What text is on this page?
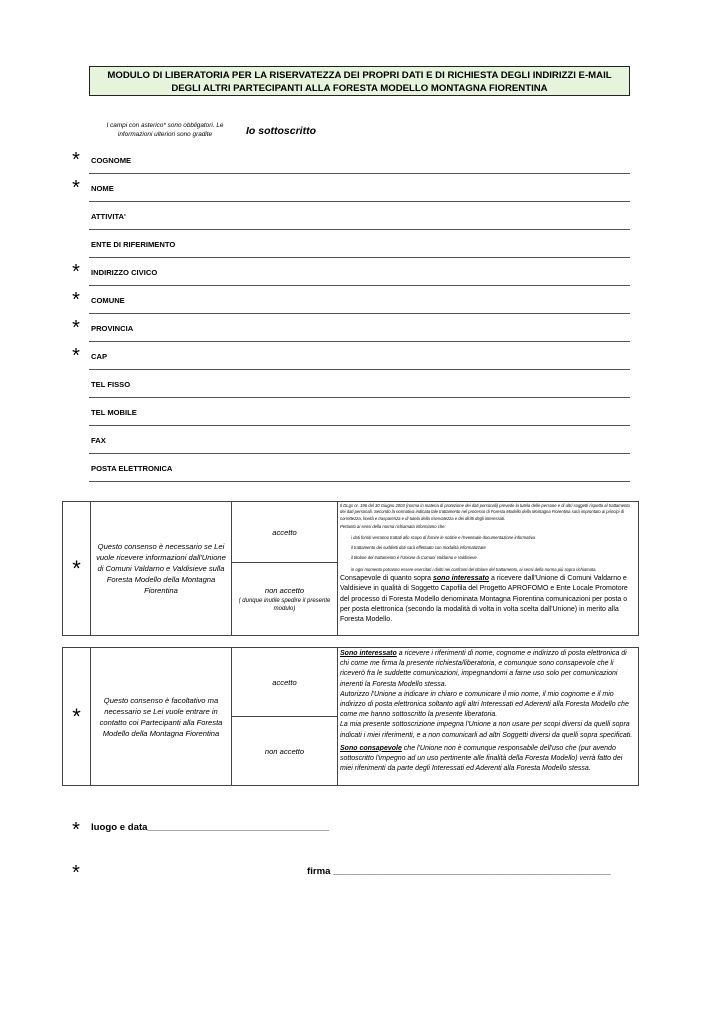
MODULO DI LIBERATORIA PER LA RISERVATEZZA DEI PROPRI DATI E DI RICHIESTA DEGLI INDIRIZZI E-MAIL
DEGLI ALTRI PARTECIPANTI ALLA FORESTA MODELLO MONTAGNA FIORENTINA
I campi con asterico* sono obbligatori. Le informazioni ulteriori sono gradite	Io sottoscritto
*	COGNOME
*	NOME
ATTIVITA'
ENTE DI RIFERIMENTO
*	INDIRIZZO CIVICO
*	COMUNE
*	PROVINCIA
*	CAP
TEL FISSO
TEL MOBILE
FAX
POSTA ELETTRONICA
*	Questo consenso è necessario se Lei vuole ricevere informazioni dall'Unione di Comuni Valdarno e Valdisieve sulla Foresta Modello della Montagna Fiorentina	accetto	
Il DLgs nr. 196 del 30 Giugno 2003 (norma in materia di protezione dei dati personali) prevede la tutela delle persone e di altri soggetti rispetto al trattamento dei dati personali. Secondo la normativa indicata tale trattamento nel processo di Foresta Modello della Montagna Fiorentina sarà improntato ai principi di correttezza, liceità e trasparenza e di tutela della riservatezza e dei diritti degli interessati.
Pertanto ai sensi della norma richiamata informiamo che:
i dati forniti verranno trattati allo scopo di fornire le notizie e l'eventuale documentazione informativa
il trattamento dei suddetti dati sarà effettuato con modalità informatizzate
il titolare del trattamento è l'Unione di Comuni Valdarno e Valdisieve
in ogni momento potranno essere esercitati i diritti nei confronti del titolare del trattamento, ai sensi della norma più sopra richiamata.
Consapevole di quanto sopra sono interessato a ricevere dall'Unione di Comuni Valdarno e Valdisieve in qualità di Soggetto Capofila del Progetto APROFOMO e Ente Locale Promotore del processo di Foresta Modello denominata Montagna Fiorentina comunicazioni per posta o per posta elettronica (secondo la modalità di volta in volta scelta dall'Unione) in merito alla Foresta Modello.

non accetto
( dunque inutile spedire il presente modulo)
*	Questo consenso è facoltativo ma necessario se Lei vuole entrare in contatto coi Partecipanti alla Foresta Modello della Montagna Fiorentina	accetto	
Sono interessato a ricevere i riferimenti di nome, cognome e indirizzo di posta elettronica di chi come me firma la presente richiesta/liberatoria, e comunque sono consapevole che li riceverò fra le suddette comunicazioni, impegnandomi a farne uso solo per comunicazioni inerenti la Foresta Modello stessa.
Autorizzo l'Unione a indicare in chiaro e comunicare il mio nome, il mio cognome e il mio indirizzo di posta elettronica soltanto agli altri Interessati ed Aderenti alla Foresta Modello che come me hanno sottoscritto la presente liberatoria.
La mia presente sottoscrizione impegna l'Unione a non usare per scopi diversi da quelli sopra indicati i miei riferimenti, e a non comunicarli ad altri Soggetti diversi da quelli sopra specificati.
Sono consapevole che l'Unione non è comunque responsabile dell'uso che (pur avendo sottoscritto l'impegno ad un uso pertinente alle finalità della Foresta Modello) verrà fatto dei miei riferimenti da parte degli Interessati ed Aderenti alla Foresta Modello stessa.

non accetto
*	luogo e data__________________________________
*	firma ____________________________________________________
